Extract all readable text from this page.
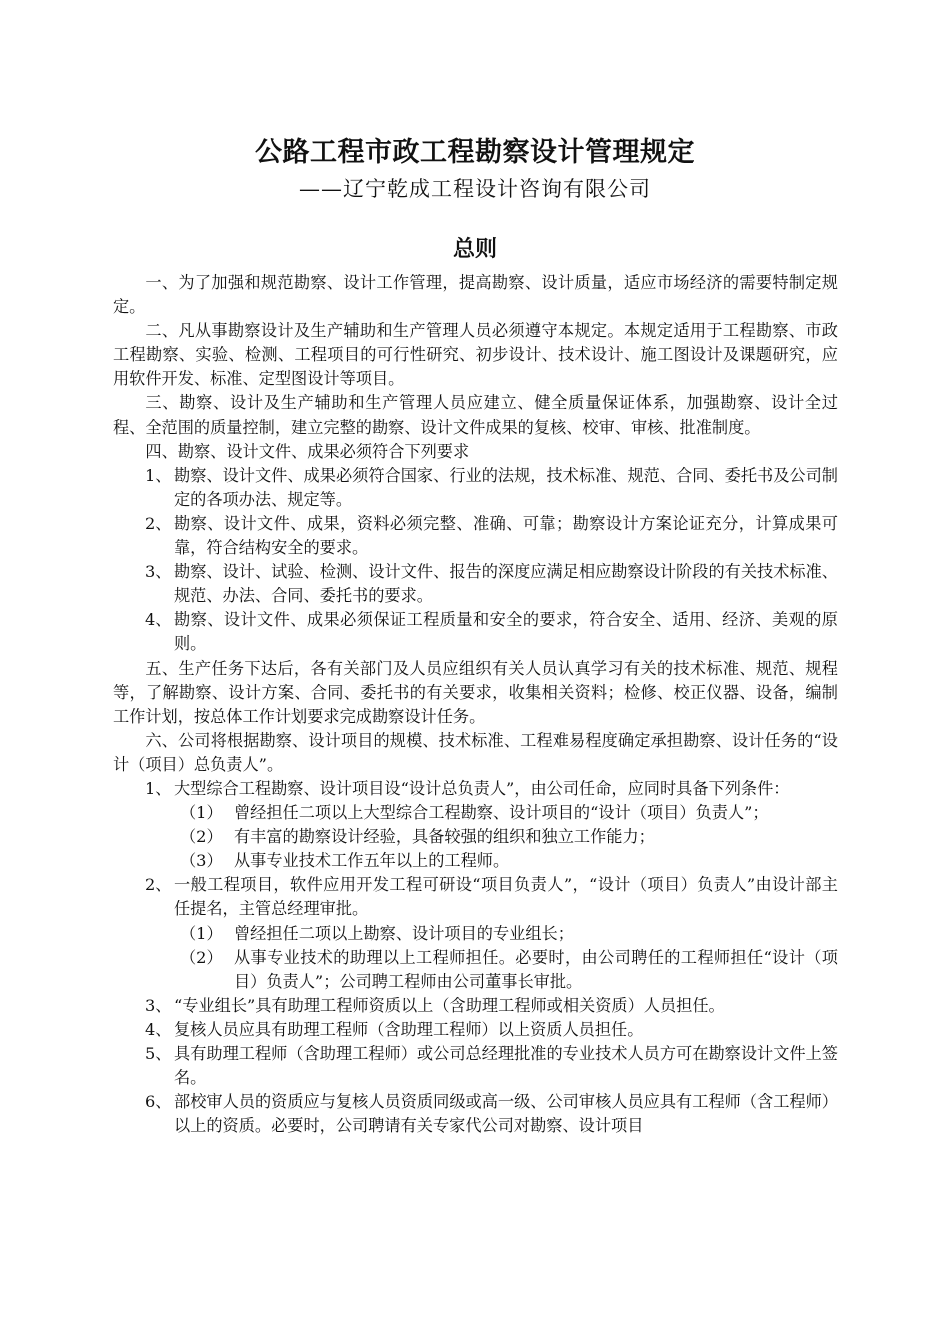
公路工程市政工程勘察设计管理规定
——辽宁乾成工程设计咨询有限公司
总则

一、为了加强和规范勘察、设计工作管理，提高勘察、设计质量，适应市场经济的需要特制定规定。

二、凡从事勘察设计及生产辅助和生产管理人员必须遵守本规定。本规定适用于工程勘察、市政工程勘察、实验、检测、工程项目的可行性研究、初步设计、技术设计、施工图设计及课题研究，应用软件开发、标准、定型图设计等项目。

三、勘察、设计及生产辅助和生产管理人员应建立、健全质量保证体系，加强勘察、设计全过程、全范围的质量控制，建立完整的勘察、设计文件成果的复核、校审、审核、批准制度。

四、勘察、设计文件、成果必须符合下列要求

1、 勘察、设计文件、成果必须符合国家、行业的法规，技术标准、规范、合同、委托书及公司制定的各项办法、规定等。
2、 勘察、设计文件、成果，资料必须完整、准确、可靠；勘察设计方案论证充分，计算成果可靠，符合结构安全的要求。
3、 勘察、设计、试验、检测、设计文件、报告的深度应满足相应勘察设计阶段的有关技术标准、规范、办法、合同、委托书的要求。
4、 勘察、设计文件、成果必须保证工程质量和安全的要求，符合安全、适用、经济、美观的原则。

五、生产任务下达后，各有关部门及人员应组织有关人员认真学习有关的技术标准、规范、规程等，了解勘察、设计方案、合同、委托书的有关要求，收集相关资料；检修、校正仪器、设备，编制工作计划，按总体工作计划要求完成勘察设计任务。

六、公司将根据勘察、设计项目的规模、技术标准、工程难易程度确定承担勘察、设计任务的“设计（项目）总负责人”。

1、 大型综合工程勘察、设计项目设“设计总负责人”，由公司任命，应同时具备下列条件：
（1） 曾经担任二项以上大型综合工程勘察、设计项目的“设计（项目）负责人”；
（2） 有丰富的勘察设计经验，具备较强的组织和独立工作能力；
（3） 从事专业技术工作五年以上的工程师。
2、 一般工程项目，软件应用开发工程可研设“项目负责人”，“设计（项目）负责人”由设计部主任提名，主管总经理审批。
（1） 曾经担任二项以上勘察、设计项目的专业组长；
（2） 从事专业技术的助理以上工程师担任。必要时，由公司聘任的工程师担任“设计（项目）负责人”；公司聘工程师由公司董事长审批。
3、 “专业组长”具有助理工程师资质以上（含助理工程师或相关资质）人员担任。
4、 复核人员应具有助理工程师（含助理工程师）以上资质人员担任。
5、 具有助理工程师（含助理工程师）或公司总经理批准的专业技术人员方可在勘察设计文件上签名。
6、 部校审人员的资质应与复核人员资质同级或高一级、公司审核人员应具有工程师（含工程师）以上的资质。必要时，公司聘请有关专家代公司对勘察、设计项目
